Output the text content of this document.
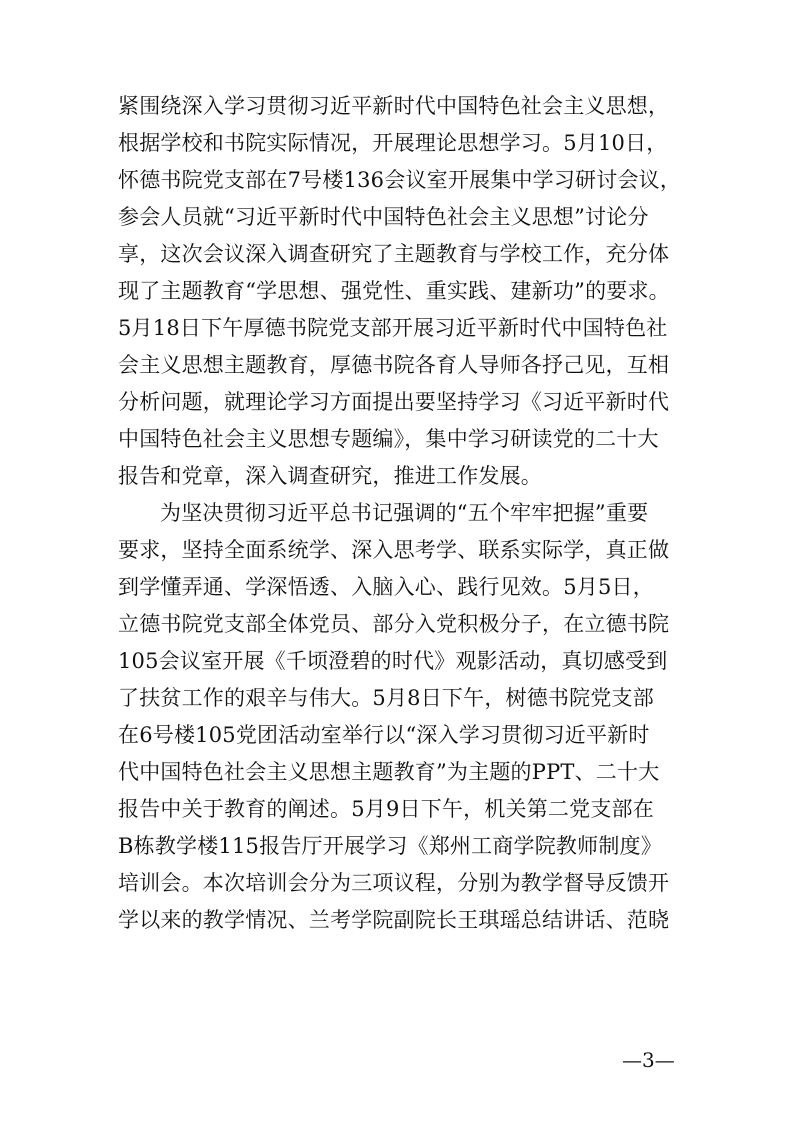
紧围绕深入学习贯彻习近平新时代中国特色社会主义思想，
根据学校和书院实际情况，开展理论思想学习。5月10日，
怀德书院党支部在7号楼136会议室开展集中学习研讨会议，
参会人员就“习近平新时代中国特色社会主义思想”讨论分
享，这次会议深入调查研究了主题教育与学校工作，充分体
现了主题教育“学思想、强党性、重实践、建新功”的要求。
5月18日下午厚德书院党支部开展习近平新时代中国特色社
会主义思想主题教育，厚德书院各育人导师各抒己见，互相
分析问题，就理论学习方面提出要坚持学习《习近平新时代
中国特色社会主义思想专题编》，集中学习研读党的二十大
报告和党章，深入调查研究，推进工作发展。
为坚决贯彻习近平总书记强调的“五个牢牢把握”重要
要求，坚持全面系统学、深入思考学、联系实际学，真正做
到学懂弄通、学深悟透、入脑入心、践行见效。5月5日，
立德书院党支部全体党员、部分入党积极分子，在立德书院
105会议室开展《千顷澄碧的时代》观影活动，真切感受到
了扶贫工作的艰辛与伟大。5月8日下午，树德书院党支部
在6号楼105党团活动室举行以“深入学习贯彻习近平新时
代中国特色社会主义思想主题教育”为主题的PPT、二十大
报告中关于教育的阐述。5月9日下午，机关第二党支部在
B栋教学楼115报告厅开展学习《郑州工商学院教师制度》
培训会。本次培训会分为三项议程，分别为教学督导反馈开
学以来的教学情况、兰考学院副院长王琪瑶总结讲话、范晓
—3—
